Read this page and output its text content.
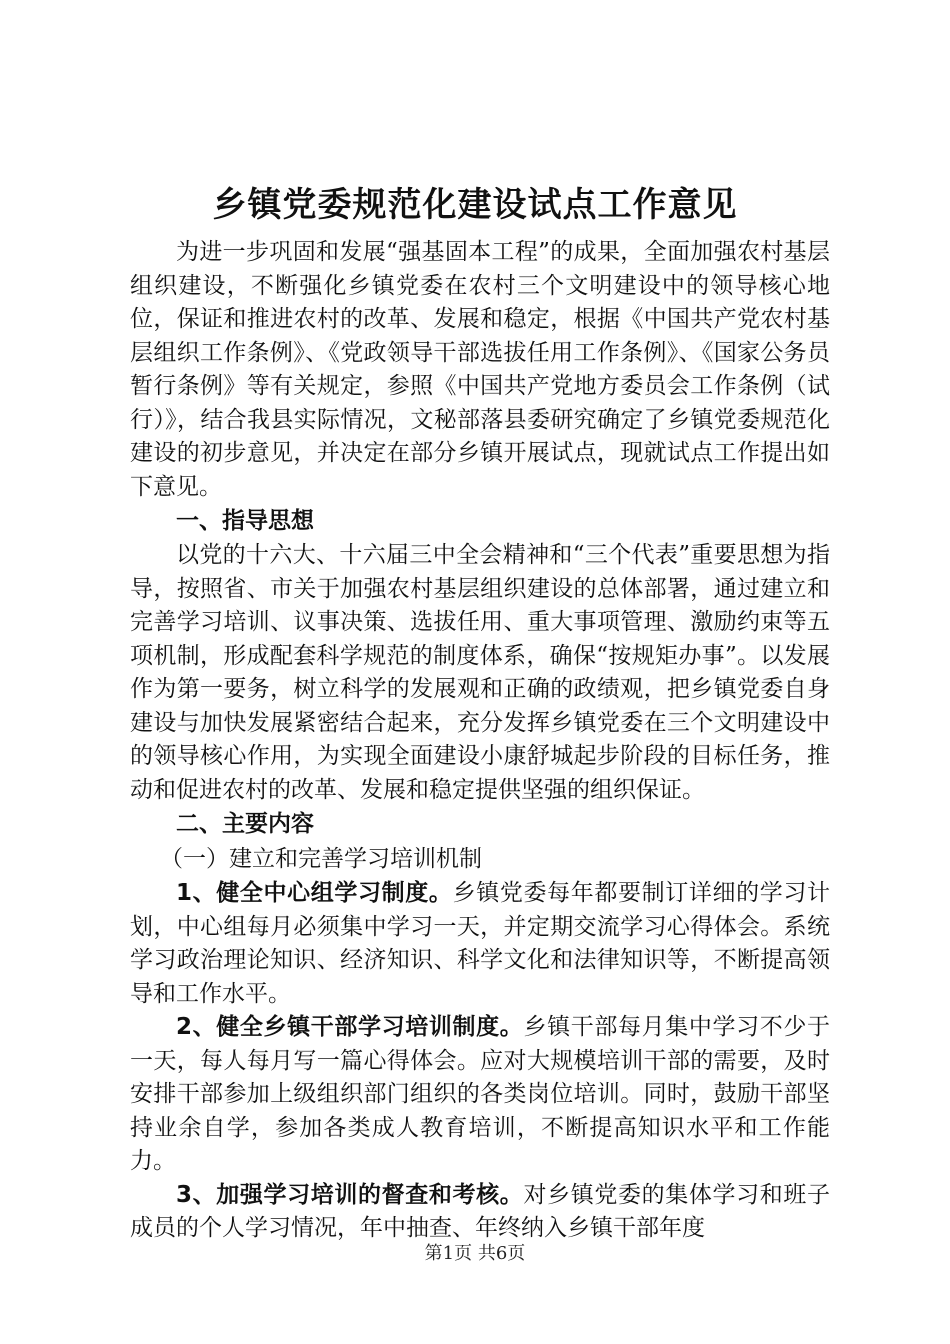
乡镇党委规范化建设试点工作意见

为进一步巩固和发展“强基固本工程”的成果，全面加强农村基层组织建设，不断强化乡镇党委在农村三个文明建设中的领导核心地位，保证和推进农村的改革、发展和稳定，根据《中国共产党农村基层组织工作条例》、《党政领导干部选拔任用工作条例》、《国家公务员暂行条例》等有关规定，参照《中国共产党地方委员会工作条例（试行）》，结合我县实际情况，文秘部落县委研究确定了乡镇党委规范化建设的初步意见，并决定在部分乡镇开展试点，现就试点工作提出如下意见。

一、指导思想

以党的十六大、十六届三中全会精神和“三个代表”重要思想为指导，按照省、市关于加强农村基层组织建设的总体部署，通过建立和完善学习培训、议事决策、选拔任用、重大事项管理、激励约束等五项机制，形成配套科学规范的制度体系，确保“按规矩办事”。以发展作为第一要务，树立科学的发展观和正确的政绩观，把乡镇党委自身建设与加快发展紧密结合起来，充分发挥乡镇党委在三个文明建设中的领导核心作用，为实现全面建设小康舒城起步阶段的目标任务，推动和促进农村的改革、发展和稳定提供坚强的组织保证。

二、主要内容

（一）建立和完善学习培训机制

1、健全中心组学习制度。乡镇党委每年都要制订详细的学习计划，中心组每月必须集中学习一天，并定期交流学习心得体会。系统学习政治理论知识、经济知识、科学文化和法律知识等，不断提高领导和工作水平。

2、健全乡镇干部学习培训制度。乡镇干部每月集中学习不少于一天，每人每月写一篇心得体会。应对大规模培训干部的需要，及时安排干部参加上级组织部门组织的各类岗位培训。同时，鼓励干部坚持业余自学，参加各类成人教育培训，不断提高知识水平和工作能力。

3、加强学习培训的督查和考核。对乡镇党委的集体学习和班子成员的个人学习情况，年中抽查、年终纳入乡镇干部年度

第1页 共6页
